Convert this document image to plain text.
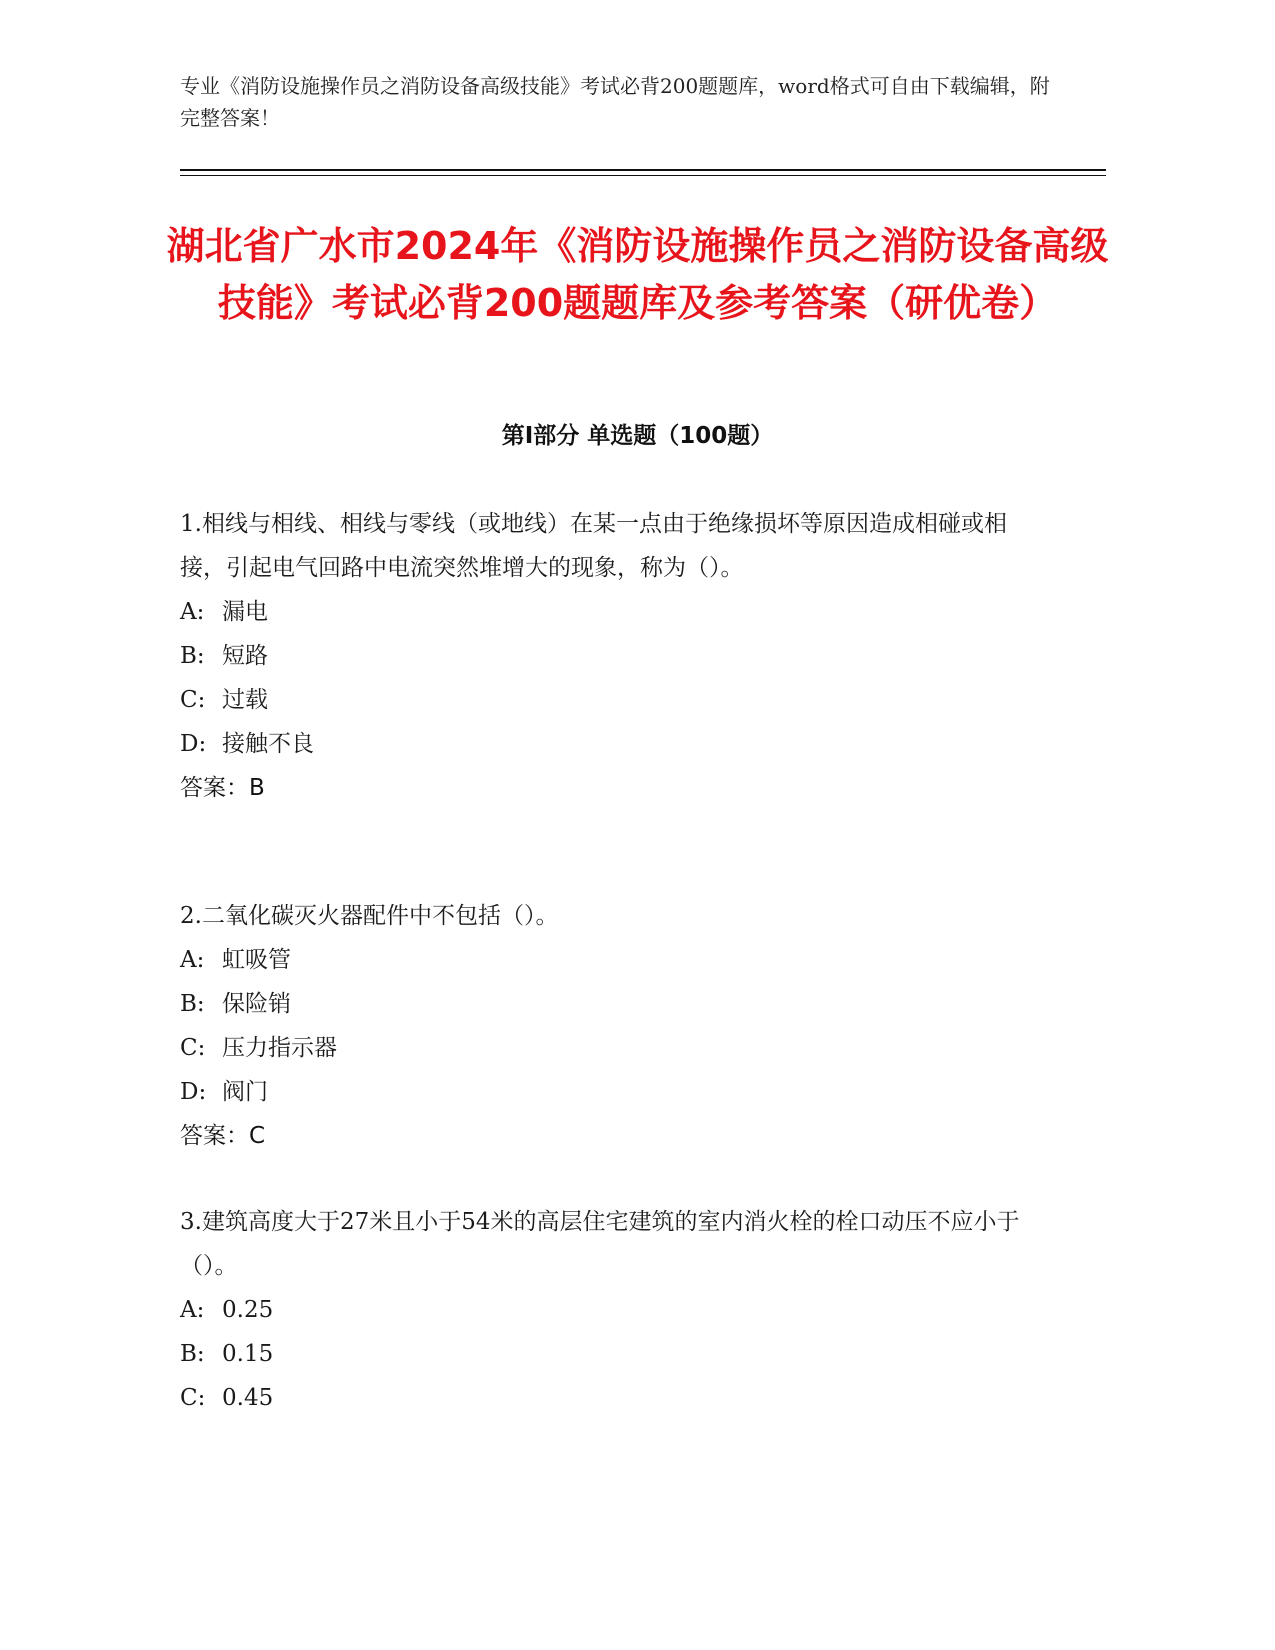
专业《消防设施操作员之消防设备高级技能》考试必背200题题库，word格式可自由下载编辑，附完整答案！
湖北省广水市2024年《消防设施操作员之消防设备高级技能》考试必背200题题库及参考答案（研优卷）
第I部分 单选题（100题）

1.相线与相线、相线与零线（或地线）在某一点由于绝缘损坏等原因造成相碰或相接，引起电气回路中电流突然堆增大的现象，称为（）。

A: 漏电
B: 短路
C: 过载
D: 接触不良
答案：B

2.二氧化碳灭火器配件中不包括（）。

A: 虹吸管
B: 保险销
C: 压力指示器
D: 阀门
答案：C

3.建筑高度大于27米且小于54米的高层住宅建筑的室内消火栓的栓口动压不应小于（）。

A: 0.25
B: 0.15
C: 0.45
